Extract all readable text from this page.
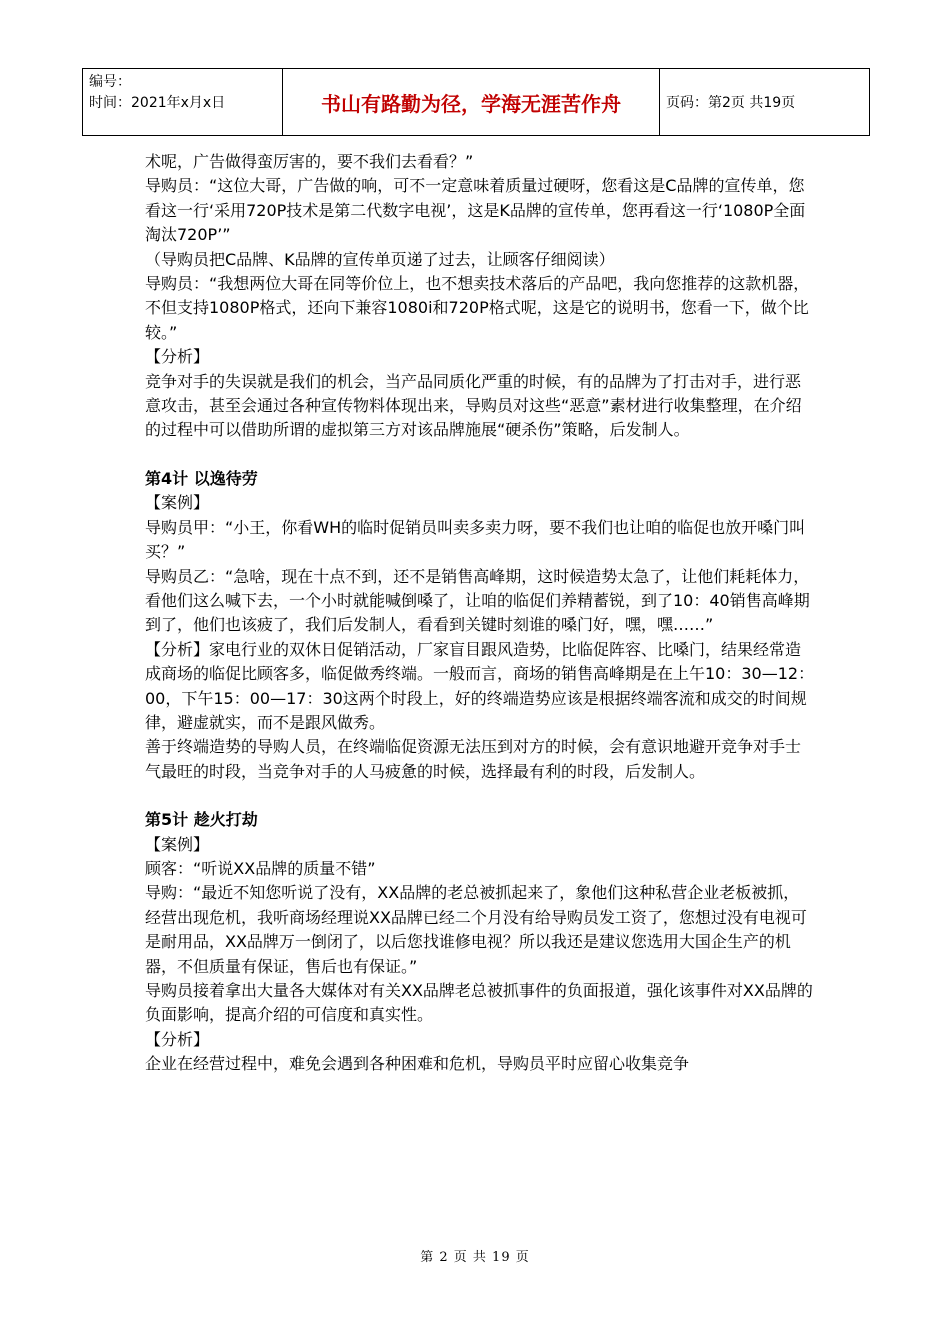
编号：
时间：2021年x月x日	书山有路勤为径，学海无涯苦作舟	页码：第2页 共19页

术呢，广告做得蛮厉害的，要不我们去看看？”

导购员：“这位大哥，广告做的响，可不一定意味着质量过硬呀，您看这是C品牌的宣传单，您看这一行‘采用720P技术是第二代数字电视’，这是K品牌的宣传单，您再看这一行‘1080P全面淘汰720P’”

（导购员把C品牌、K品牌的宣传单页递了过去，让顾客仔细阅读）

导购员：“我想两位大哥在同等价位上，也不想卖技术落后的产品吧，我向您推荐的这款机器，不但支持1080P格式，还向下兼容1080i和720P格式呢，这是它的说明书，您看一下，做个比较。”

【分析】

竞争对手的失误就是我们的机会，当产品同质化严重的时候，有的品牌为了打击对手，进行恶意攻击，甚至会通过各种宣传物料体现出来，导购员对这些“恶意”素材进行收集整理，在介绍的过程中可以借助所谓的虚拟第三方对该品牌施展“硬杀伤”策略，后发制人。

第4计 以逸待劳

【案例】

导购员甲：“小王，你看WH的临时促销员叫卖多卖力呀，要不我们也让咱的临促也放开嗓门叫买？”

导购员乙：“急啥，现在十点不到，还不是销售高峰期，这时候造势太急了，让他们耗耗体力，看他们这么喊下去，一个小时就能喊倒嗓了，让咱的临促们养精蓄锐，到了10：40销售高峰期到了，他们也该疲了，我们后发制人，看看到关键时刻谁的嗓门好，嘿，嘿……”

【分析】家电行业的双休日促销活动，厂家盲目跟风造势，比临促阵容、比嗓门，结果经常造成商场的临促比顾客多，临促做秀终端。一般而言，商场的销售高峰期是在上午10：30—12：00，下午15：00—17：30这两个时段上，好的终端造势应该是根据终端客流和成交的时间规律，避虚就实，而不是跟风做秀。

善于终端造势的导购人员，在终端临促资源无法压到对方的时候，会有意识地避开竞争对手士气最旺的时段，当竞争对手的人马疲惫的时候，选择最有利的时段，后发制人。

第5计 趁火打劫

【案例】

顾客：“听说XX品牌的质量不错”

导购：“最近不知您听说了没有，XX品牌的老总被抓起来了，象他们这种私营企业老板被抓，经营出现危机，我听商场经理说XX品牌已经二个月没有给导购员发工资了，您想过没有电视可是耐用品，XX品牌万一倒闭了，以后您找谁修电视？所以我还是建议您选用大国企生产的机器，不但质量有保证，售后也有保证。”

导购员接着拿出大量各大媒体对有关XX品牌老总被抓事件的负面报道，强化该事件对XX品牌的负面影响，提高介绍的可信度和真实性。

【分析】

企业在经营过程中，难免会遇到各种困难和危机，导购员平时应留心收集竞争

第 2 页 共 19 页
